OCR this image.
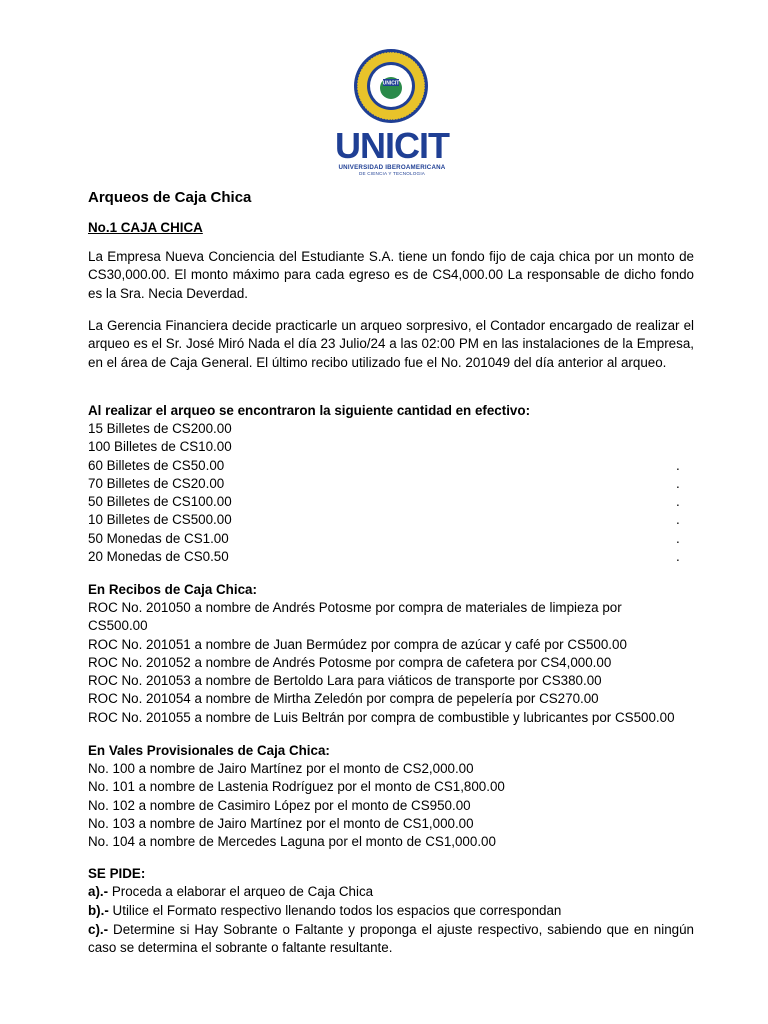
UNICIT
UNICIT
UNIVERSIDAD IBEROAMERICANA
DE CIENCIA Y TECNOLOGIA
Arqueos de Caja Chica
No.1 CAJA CHICA

La Empresa Nueva Conciencia del Estudiante S.A. tiene un fondo fijo de caja chica por un monto de CS30,000.00. El monto máximo para cada egreso es de CS4,000.00 La responsable de dicho fondo es la Sra. Necia Deverdad.

La Gerencia Financiera decide practicarle un arqueo sorpresivo, el Contador encargado de realizar el arqueo es el Sr. José Miró Nada el día 23 Julio/24 a las 02:00 PM en las instalaciones de la Empresa, en el área de Caja General. El último recibo utilizado fue el No. 201049 del día anterior al arqueo.

Al realizar el arqueo se encontraron la siguiente cantidad en efectivo:
15 Billetes de CS200.00
100 Billetes de CS10.00
60 Billetes de CS50.00	.
70 Billetes de CS20.00	.
50 Billetes de CS100.00	.
10 Billetes de CS500.00	.
50 Monedas de CS1.00	.
20 Monedas de CS0.50	.
En Recibos de Caja Chica:
ROC No. 201050 a nombre de Andrés Potosme por compra de materiales de limpieza por
CS500.00
ROC No. 201051 a nombre de Juan Bermúdez por compra de azúcar y café por CS500.00
ROC No. 201052 a nombre de Andrés Potosme por compra de cafetera por CS4,000.00
ROC No. 201053 a nombre de Bertoldo Lara para viáticos de transporte por CS380.00
ROC No. 201054 a nombre de Mirtha Zeledón por compra de pepelería por CS270.00
ROC No. 201055 a nombre de Luis Beltrán por compra de combustible y lubricantes por CS500.00
En Vales Provisionales de Caja Chica:
No. 100 a nombre de Jairo Martínez por el monto de CS2,000.00
No. 101 a nombre de Lastenia Rodríguez por el monto de CS1,800.00
No. 102 a nombre de Casimiro López por el monto de CS950.00
No. 103 a nombre de Jairo Martínez por el monto de CS1,000.00
No. 104 a nombre de Mercedes Laguna por el monto de CS1,000.00
SE PIDE:
a).- Proceda a elaborar el arqueo de Caja Chica
b).- Utilice el Formato respectivo llenando todos los espacios que correspondan
c).- Determine si Hay Sobrante o Faltante y proponga el ajuste respectivo, sabiendo que en ningún caso se determina el sobrante o faltante resultante.
